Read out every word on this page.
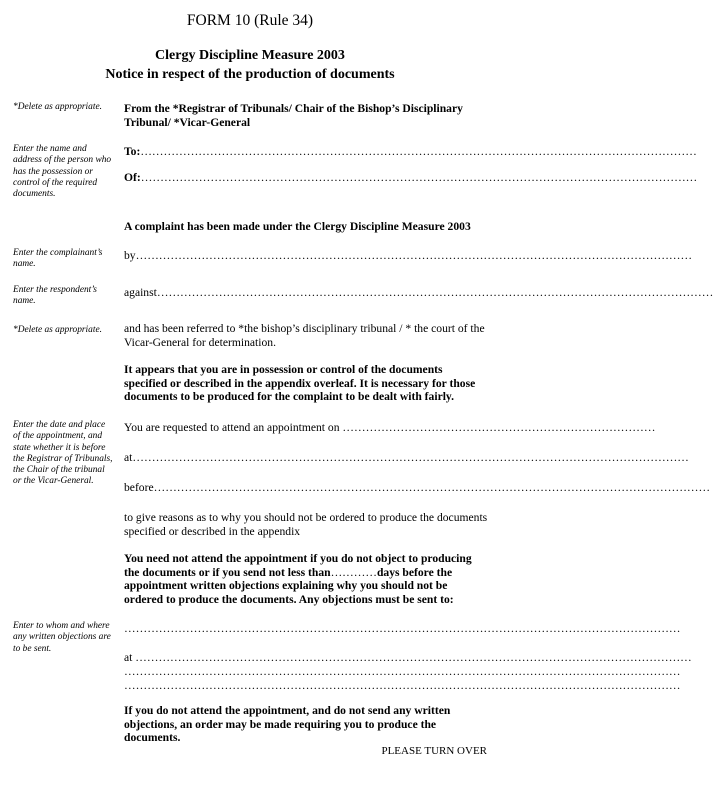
FORM 10 (Rule 34)
Clergy Discipline Measure 2003
Notice in respect of the production of documents
*Delete as appropriate.
Enter the name and address of the person who has the possession or control of the required documents.
Enter the complainant’s name.
Enter the respondent’s name.
*Delete as appropriate.
Enter the date and place of the appointment, and state whether it is before the Registrar of Tribunals, the Chair of the tribunal or the Vicar-General.
Enter to whom and where any written objections are to be sent.
From the *Registrar of Tribunals/ Chair of the Bishop’s Disciplinary Tribunal/ *Vicar-General
To:………………………………………………………………………………………………………………………………
Of:………………………………………………………………………………………………………………………………
A complaint has been made under the Clergy Discipline Measure 2003
by………………………………………………………………………………………………………………………………
against………………………………………………………………………………………………………………………………
and has been referred to *the bishop’s disciplinary tribunal / * the court of the Vicar-General for determination.
It appears that you are in possession or control of the documents specified or described in the appendix overleaf. It is necessary for those documents to be produced for the complaint to be dealt with fairly.
You are requested to attend an appointment on ………………………………………………………………………
at………………………………………………………………………………………………………………………………
before………………………………………………………………………………………………………………………………
to give reasons as to why you should not be ordered to produce the documents specified or described in the appendix
You need not attend the appointment if you do not object to producing the documents or if you send not less than…………days before the appointment written objections explaining why you should not be ordered to produce the documents. Any objections must be sent to:
………………………………………………………………………………………………………………………………
at ………………………………………………………………………………………………………………………………
………………………………………………………………………………………………………………………………
………………………………………………………………………………………………………………………………
If you do not attend the appointment, and do not send any written objections, an order may be made requiring you to produce the documents.
PLEASE TURN OVER
